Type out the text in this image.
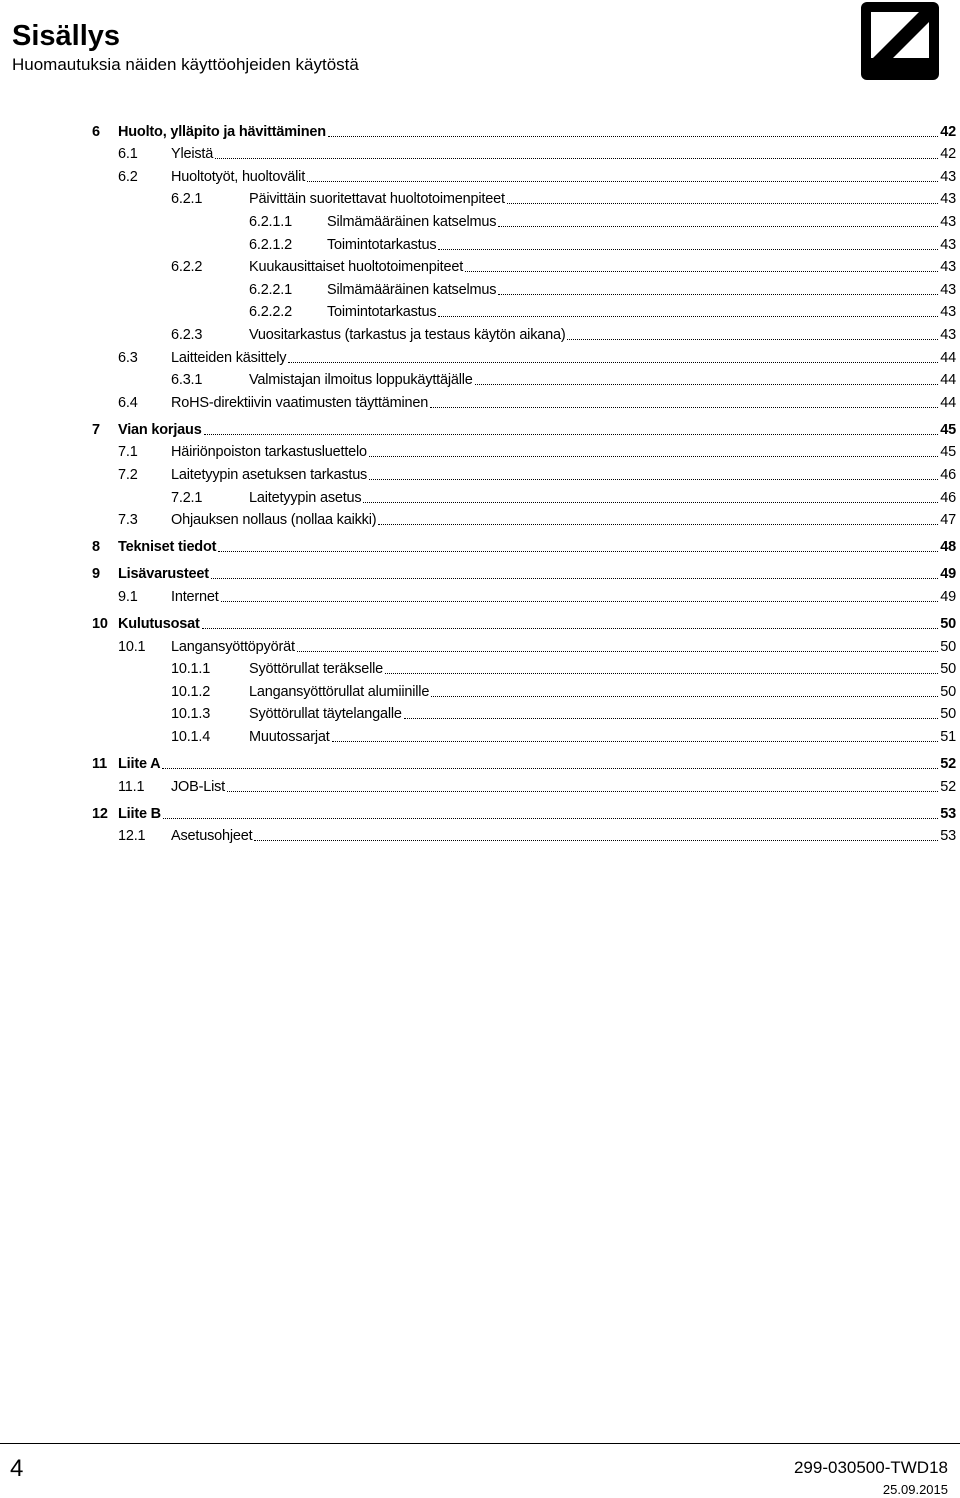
Sisällys
Huomautuksia näiden käyttöohjeiden käytöstä
6	Huolto, ylläpito ja hävittäminen	42
6.1	Yleistä	42
6.2	Huoltotyöt, huoltovälit	43
6.2.1	Päivittäin suoritettavat huoltotoimenpiteet	43
6.2.1.1	Silmämääräinen katselmus	43
6.2.1.2	Toimintotarkastus	43
6.2.2	Kuukausittaiset huoltotoimenpiteet	43
6.2.2.1	Silmämääräinen katselmus	43
6.2.2.2	Toimintotarkastus	43
6.2.3	Vuositarkastus (tarkastus ja testaus käytön aikana)	43
6.3	Laitteiden käsittely	44
6.3.1	Valmistajan ilmoitus loppukäyttäjälle	44
6.4	RoHS-direktiivin vaatimusten täyttäminen	44
7	Vian korjaus	45
7.1	Häiriönpoiston tarkastusluettelo	45
7.2	Laitetyypin asetuksen tarkastus	46
7.2.1	Laitetyypin asetus	46
7.3	Ohjauksen nollaus (nollaa kaikki)	47
8	Tekniset tiedot	48
9	Lisävarusteet	49
9.1	Internet	49
10 Kulutusosat	50
10.1	Langansyöttöpyörät	50
10.1.1	Syöttörullat teräkselle	50
10.1.2	Langansyöttörullat alumiinille	50
10.1.3	Syöttörullat täytelangalle	50
10.1.4	Muutossarjat	51
11 Liite A	52
11.1	JOB-List	52
12 Liite B	53
12.1	Asetusohjeet	53
4	299-030500-TWD18
25.09.2015
